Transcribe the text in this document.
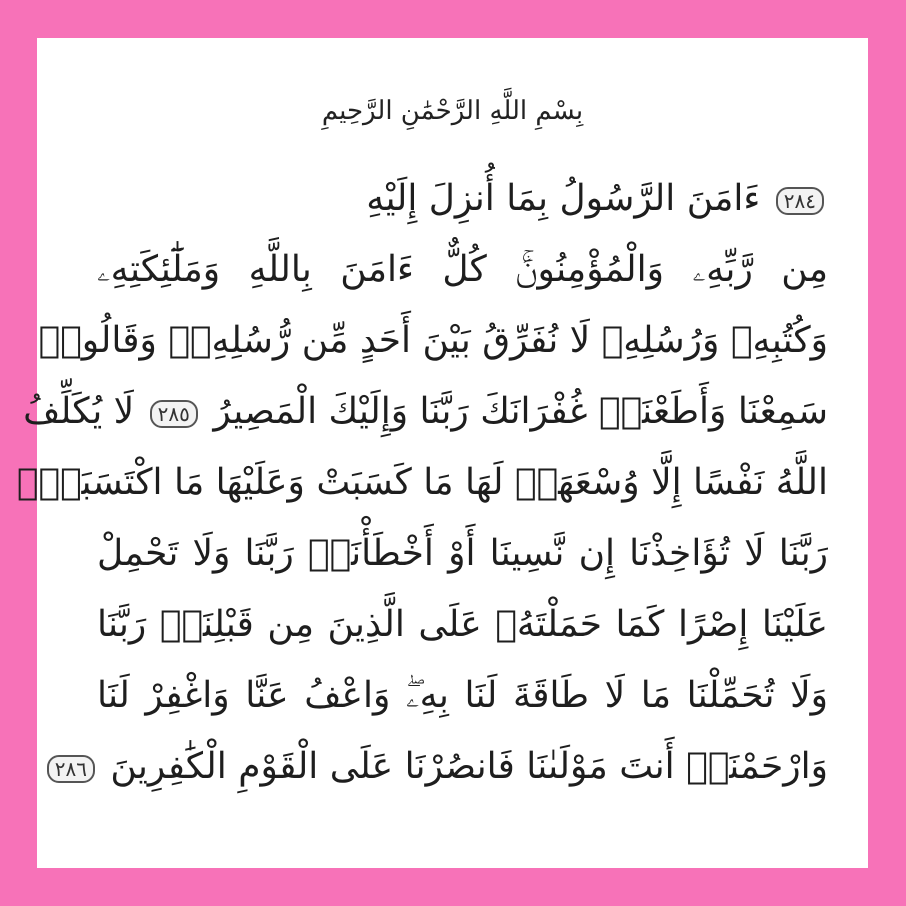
بِسْمِ اللَّهِ الرَّحْمَٰنِ الرَّحِيمِ
٢٨٤ ءَامَنَ الرَّسُولُ بِمَا أُنزِلَ إِلَيْهِ
مِن رَّبِّهِۦ وَالْمُؤْمِنُونَۚ كُلٌّ ءَامَنَ بِاللَّهِ وَمَلَٰٓئِكَتِهِۦ
وَكُتُبِهِۦ وَرُسُلِهِۦ لَا نُفَرِّقُ بَيْنَ أَحَدٍ مِّن رُّسُلِهِۦۚ وَقَالُوا۟
سَمِعْنَا وَأَطَعْنَاۖ غُفْرَانَكَ رَبَّنَا وَإِلَيْكَ الْمَصِيرُ ٢٨٥ لَا يُكَلِّفُ
اللَّهُ نَفْسًا إِلَّا وُسْعَهَاۚ لَهَا مَا كَسَبَتْ وَعَلَيْهَا مَا اكْتَسَبَتْۗ
رَبَّنَا لَا تُؤَاخِذْنَا إِن نَّسِينَا أَوْ أَخْطَأْنَاۚ رَبَّنَا وَلَا تَحْمِلْ
عَلَيْنَا إِصْرًا كَمَا حَمَلْتَهُۥ عَلَى الَّذِينَ مِن قَبْلِنَاۚ رَبَّنَا
وَلَا تُحَمِّلْنَا مَا لَا طَاقَةَ لَنَا بِهِۦۖ وَاعْفُ عَنَّا وَاغْفِرْ لَنَا
وَارْحَمْنَاۚ أَنتَ مَوْلَىٰنَا فَانصُرْنَا عَلَى الْقَوْمِ الْكَٰفِرِينَ ٢٨٦
